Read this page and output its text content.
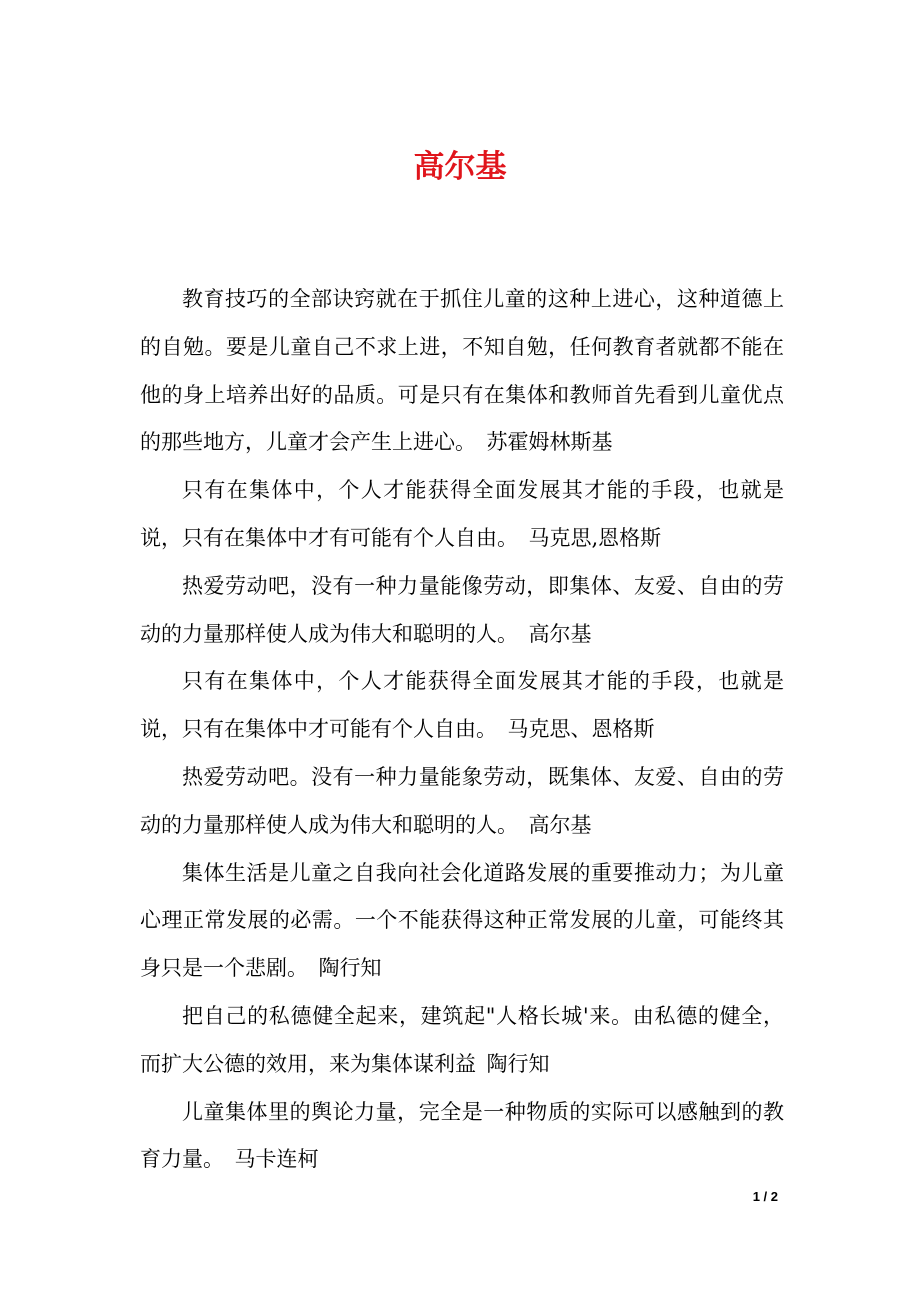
高尔基

教育技巧的全部诀窍就在于抓住儿童的这种上进心，这种道德上的自勉。要是儿童自己不求上进，不知自勉，任何教育者就都不能在他的身上培养出好的品质。可是只有在集体和教师首先看到儿童优点的那些地方，儿童才会产生上进心。 苏霍姆林斯基

只有在集体中，个人才能获得全面发展其才能的手段，也就是说，只有在集体中才有可能有个人自由。 马克思,恩格斯

热爱劳动吧，没有一种力量能像劳动，即集体、友爱、自由的劳动的力量那样使人成为伟大和聪明的人。 高尔基

只有在集体中，个人才能获得全面发展其才能的手段，也就是说，只有在集体中才可能有个人自由。 马克思、恩格斯

热爱劳动吧。没有一种力量能象劳动，既集体、友爱、自由的劳动的力量那样使人成为伟大和聪明的人。 高尔基

集体生活是儿童之自我向社会化道路发展的重要推动力；为儿童心理正常发展的必需。一个不能获得这种正常发展的儿童，可能终其身只是一个悲剧。 陶行知

把自己的私德健全起来，建筑起"人格长城'来。由私德的健全，而扩大公德的效用，来为集体谋利益 陶行知

儿童集体里的舆论力量，完全是一种物质的实际可以感触到的教育力量。 马卡连柯

1 / 2
